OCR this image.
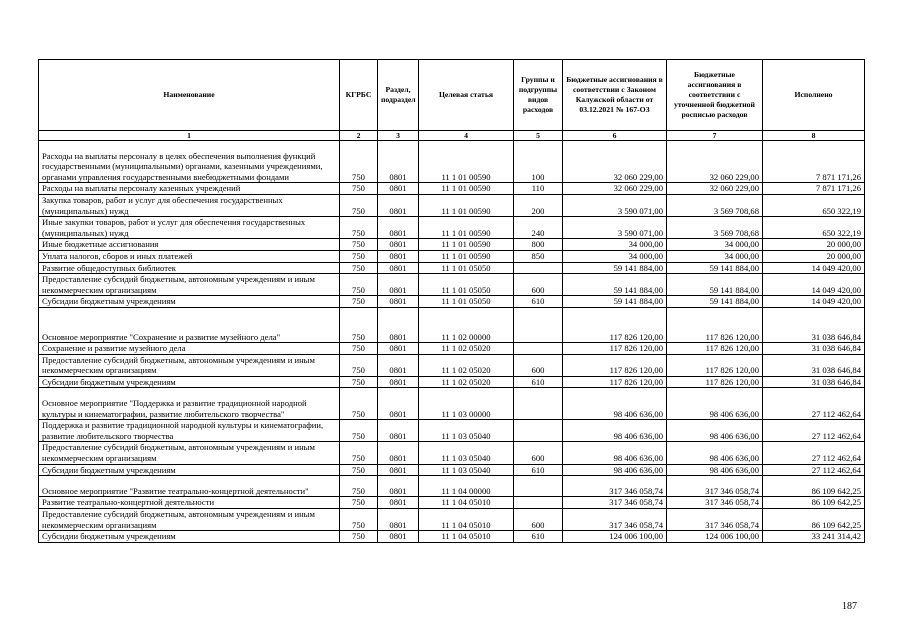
Наименование	КГРБС	Раздел, подраздел	Целевая статья	Группы и подгруппы видов расходов	Бюджетные ассигнования в соответствии с Законом Калужской области от 03.12.2021 № 167-ОЗ	Бюджетные ассигнования в соответствии с уточненной бюджетной росписью расходов	Исполнено
1	2	3	4	5	6	7	8
Расходы на выплаты персоналу в целях обеспечения выполнения функций государственными (муниципальными) органами, казенными учреждениями, органами управления государственными внебюджетными фондами	750	0801	11 1 01 00590	100	32 060 229,00	32 060 229,00	7 871 171,26
Расходы на выплаты персоналу казенных учреждений	750	0801	11 1 01 00590	110	32 060 229,00	32 060 229,00	7 871 171,26
Закупка товаров, работ и услуг для обеспечения государственных (муниципальных) нужд	750	0801	11 1 01 00590	200	3 590 071,00	3 569 708,68	650 322,19
Иные закупки товаров, работ и услуг для обеспечения государственных (муниципальных) нужд	750	0801	11 1 01 00590	240	3 590 071,00	3 569 708,68	650 322,19
Иные бюджетные ассигнования	750	0801	11 1 01 00590	800	34 000,00	34 000,00	20 000,00
Уплата налогов, сборов и иных платежей	750	0801	11 1 01 00590	850	34 000,00	34 000,00	20 000,00
Развитие общедоступных библиотек	750	0801	11 1 01 05050		59 141 884,00	59 141 884,00	14 049 420,00
Предоставление субсидий бюджетным, автономным учреждениям и иным некоммерческим организациям	750	0801	11 1 01 05050	600	59 141 884,00	59 141 884,00	14 049 420,00
Субсидии бюджетным учреждениям	750	0801	11 1 01 05050	610	59 141 884,00	59 141 884,00	14 049 420,00
Основное мероприятие "Сохранение и развитие музейного дела"	750	0801	11 1 02 00000		117 826 120,00	117 826 120,00	31 038 646,84
Сохранение и развитие музейного дела	750	0801	11 1 02 05020		117 826 120,00	117 826 120,00	31 038 646,84
Предоставление субсидий бюджетным, автономным учреждениям и иным некоммерческим организациям	750	0801	11 1 02 05020	600	117 826 120,00	117 826 120,00	31 038 646,84
Субсидии бюджетным учреждениям	750	0801	11 1 02 05020	610	117 826 120,00	117 826 120,00	31 038 646,84
Основное мероприятие "Поддержка и развитие традиционной народной культуры и кинематографии, развитие любительского творчества"	750	0801	11 1 03 00000		98 406 636,00	98 406 636,00	27 112 462,64
Поддержка и развитие традиционной народной культуры и кинематографии, развитие любительского творчества	750	0801	11 1 03 05040		98 406 636,00	98 406 636,00	27 112 462,64
Предоставление субсидий бюджетным, автономным учреждениям и иным некоммерческим организациям	750	0801	11 1 03 05040	600	98 406 636,00	98 406 636,00	27 112 462,64
Субсидии бюджетным учреждениям	750	0801	11 1 03 05040	610	98 406 636,00	98 406 636,00	27 112 462,64
Основное мероприятие "Развитие театрально-концертной деятельности"	750	0801	11 1 04 00000		317 346 058,74	317 346 058,74	86 109 642,25
Развитие театрально-концертной деятельности	750	0801	11 1 04 05010		317 346 058,74	317 346 058,74	86 109 642,25
Предоставление субсидий бюджетным, автономным учреждениям и иным некоммерческим организациям	750	0801	11 1 04 05010	600	317 346 058,74	317 346 058,74	86 109 642,25
Субсидии бюджетным учреждениям	750	0801	11 1 04 05010	610	124 006 100,00	124 006 100,00	33 241 314,42
187
